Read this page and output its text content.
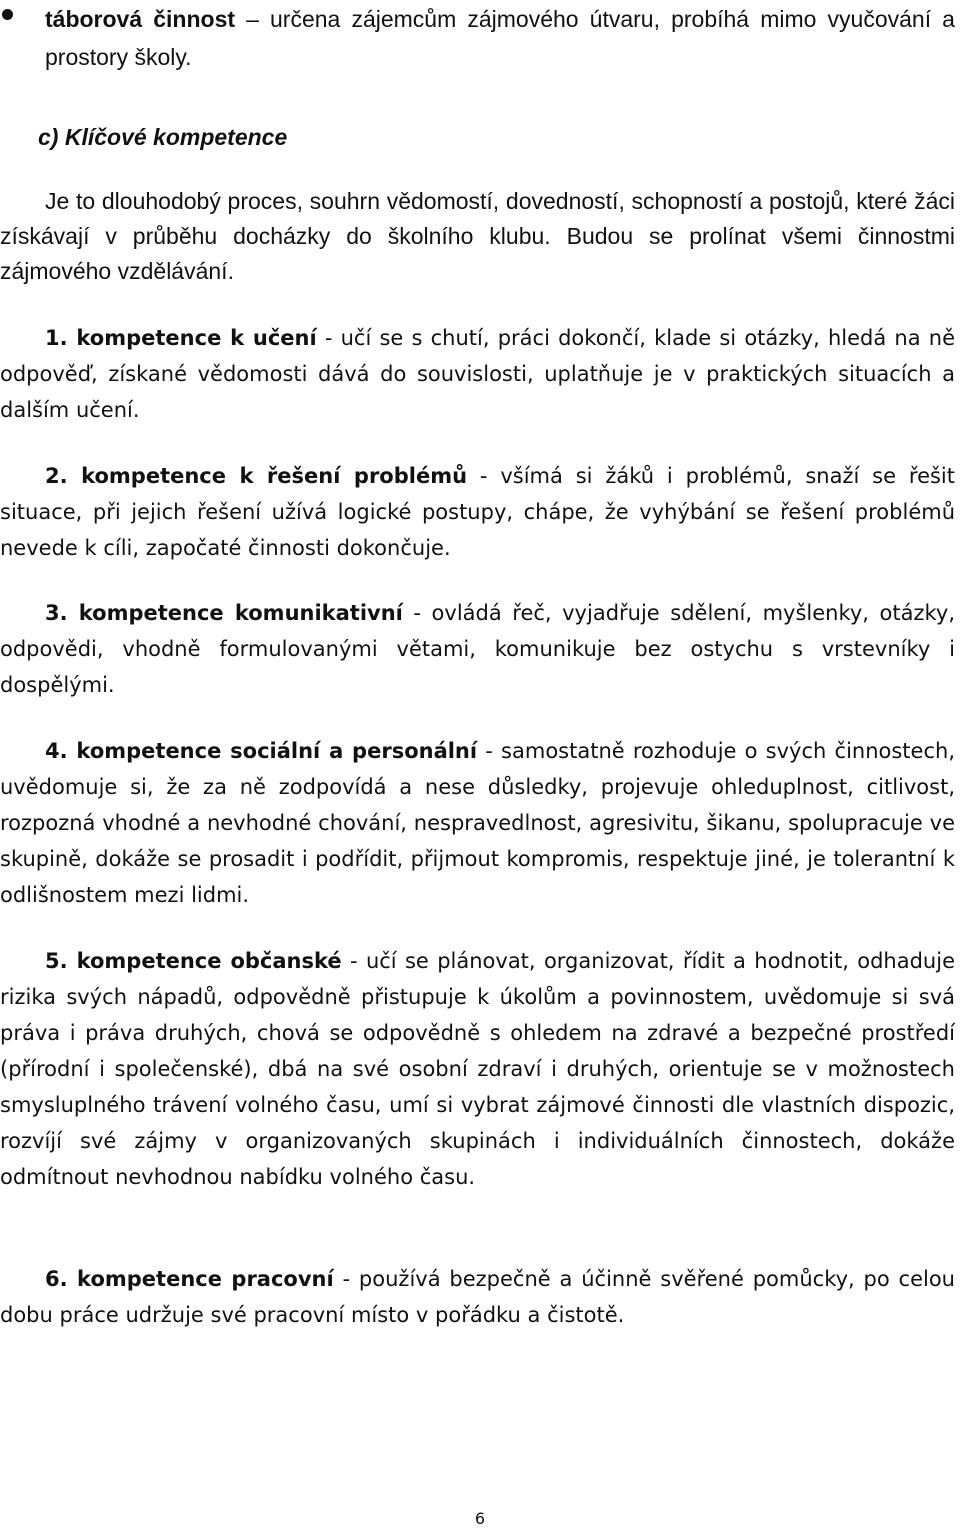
táborová činnost – určena zájemcům zájmového útvaru, probíhá mimo vyučování a prostory školy.
c) Klíčové kompetence

Je to dlouhodobý proces, souhrn vědomostí, dovedností, schopností a postojů, které žáci získávají v průběhu docházky do školního klubu. Budou se prolínat všemi činnostmi zájmového vzdělávání.

1. kompetence k učení - učí se s chutí, práci dokončí, klade si otázky, hledá na ně odpověď, získané vědomosti dává do souvislosti, uplatňuje je v praktických situacích a dalším učení.

2. kompetence k řešení problémů - všímá si žáků i problémů, snaží se řešit situace, při jejich řešení užívá logické postupy, chápe, že vyhýbání se řešení problémů nevede k cíli, započaté činnosti dokončuje.

3. kompetence komunikativní - ovládá řeč, vyjadřuje sdělení, myšlenky, otázky, odpovědi, vhodně formulovanými větami, komunikuje bez ostychu s vrstevníky i dospělými.

4. kompetence sociální a personální - samostatně rozhoduje o svých činnostech, uvědomuje si, že za ně zodpovídá a nese důsledky, projevuje ohleduplnost, citlivost, rozpozná vhodné a nevhodné chování, nespravedlnost, agresivitu, šikanu, spolupracuje ve skupině, dokáže se prosadit i podřídit, přijmout kompromis, respektuje jiné, je tolerantní k odlišnostem mezi lidmi.

5. kompetence občanské - učí se plánovat, organizovat, řídit a hodnotit, odhaduje rizika svých nápadů, odpovědně přistupuje k úkolům a povinnostem, uvědomuje si svá práva i práva druhých, chová se odpovědně s ohledem na zdravé a bezpečné prostředí (přírodní i společenské), dbá na své osobní zdraví i druhých, orientuje se v možnostech smysluplného trávení volného času, umí si vybrat zájmové činnosti dle vlastních dispozic, rozvíjí své zájmy v organizovaných skupinách i individuálních činnostech, dokáže odmítnout nevhodnou nabídku volného času.

6. kompetence pracovní - používá bezpečně a účinně svěřené pomůcky, po celou dobu práce udržuje své pracovní místo v pořádku a čistotě.

6
